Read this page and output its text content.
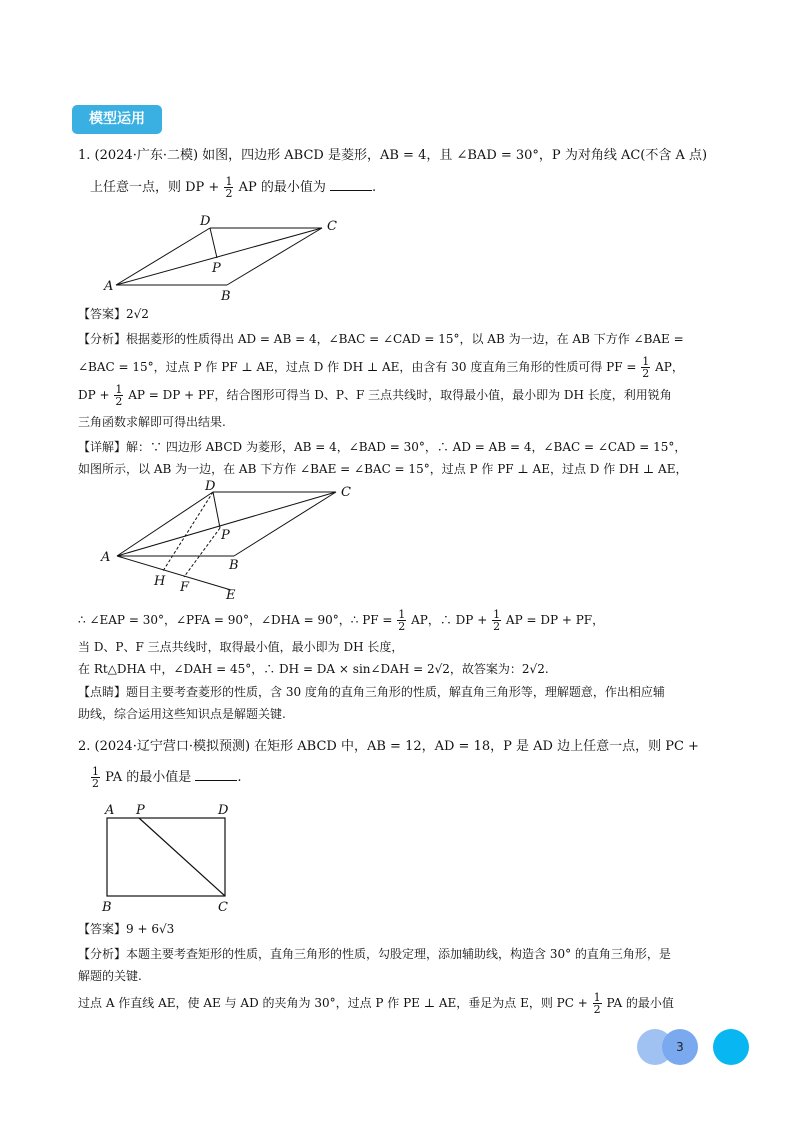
模型运用
1. (2024·广东·二模) 如图，四边形 ABCD 是菱形，AB = 4，且 ∠BAD = 30°，P 为对角线 AC(不含 A 点)
上任意一点，则 DP + $\frac{1}{2}$ AP 的最小值为	.
D	C
P
A
B
【答案】2√2
【分析】根据菱形的性质得出 AD = AB = 4，∠BAC = ∠CAD = 15°，以 AB 为一边，在 AB 下方作 ∠BAE =
∠BAC = 15°，过点 P 作 PF ⊥ AE，过点 D 作 DH ⊥ AE，由含有 30 度直角三角形的性质可得 PF = $\frac{1}{2}$ AP，
DP + $\frac{1}{2}$ AP = DP + PF，结合图形可得当 D、P、F 三点共线时，取得最小值，最小即为 DH 长度，利用锐角
三角函数求解即可得出结果.
【详解】解：∵ 四边形 ABCD 为菱形，AB = 4，∠BAD = 30°，∴ AD = AB = 4，∠BAC = ∠CAD = 15°，
如图所示，以 AB 为一边，在 AB 下方作 ∠BAE = ∠BAC = 15°，过点 P 作 PF ⊥ AE，过点 D 作 DH ⊥ AE，
D	C
P
A
B
H F
E
∴ ∠EAP = 30°，∠PFA = 90°，∠DHA = 90°，∴ PF = $\frac{1}{2}$ AP，∴ DP + $\frac{1}{2}$ AP = DP + PF，
当 D、P、F 三点共线时，取得最小值，最小即为 DH 长度，
在 Rt△DHA 中，∠DAH = 45°，∴ DH = DA × sin∠DAH = 2√2，故答案为：2√2.
【点睛】题目主要考查菱形的性质，含 30 度角的直角三角形的性质，解直角三角形等，理解题意，作出相应辅
助线，综合运用这些知识点是解题关键.
2. (2024·辽宁营口·模拟预测) 在矩形 ABCD 中，AB = 12，AD = 18，P 是 AD 边上任意一点，则 PC +
$\frac{1}{2}$ PA 的最小值是	.
A P	D
B	C
【答案】9 + 6√3
【分析】本题主要考查矩形的性质，直角三角形的性质，勾股定理，添加辅助线，构造含 30° 的直角三角形，是
解题的关键.
过点 A 作直线 AE，使 AE 与 AD 的夹角为 30°，过点 P 作 PE ⊥ AE，垂足为点 E，则 PC + $\frac{1}{2}$ PA 的最小值
3
